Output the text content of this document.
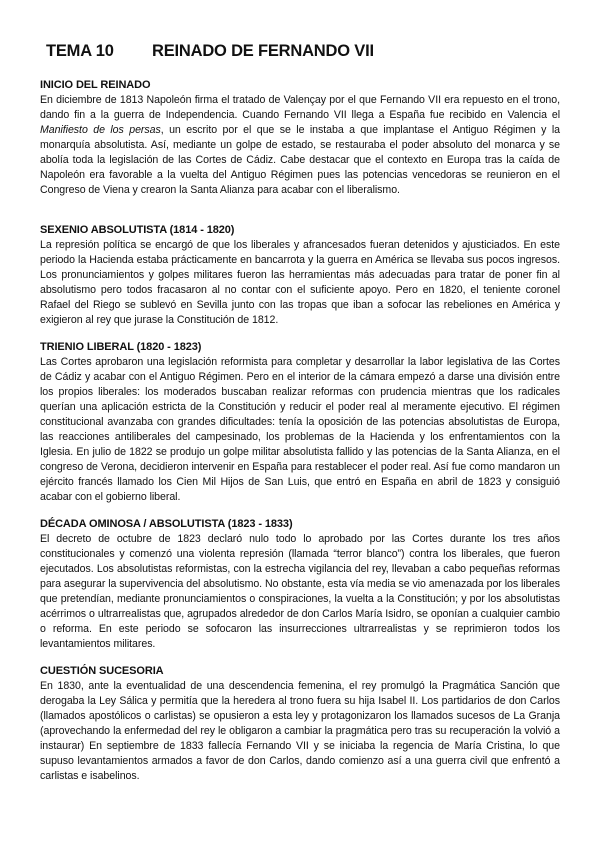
TEMA 10 REINADO DE FERNANDO VII
INICIO DEL REINADO

En diciembre de 1813 Napoleón firma el tratado de Valençay por el que Fernando VII era repuesto en el trono, dando fin a la guerra de Independencia. Cuando Fernando VII llega a España fue recibido en Valencia el Manifiesto de los persas, un escrito por el que se le instaba a que implantase el Antiguo Régimen y la monarquía absolutista. Así, mediante un golpe de estado, se restauraba el poder absoluto del monarca y se abolía toda la legislación de las Cortes de Cádiz. Cabe destacar que el contexto en Europa tras la caída de Napoleón era favorable a la vuelta del Antiguo Régimen pues las potencias vencedoras se reunieron en el Congreso de Viena y crearon la Santa Alianza para acabar con el liberalismo.

SEXENIO ABSOLUTISTA (1814 - 1820)

La represión política se encargó de que los liberales y afrancesados fueran detenidos y ajusticiados. En este periodo la Hacienda estaba prácticamente en bancarrota y la guerra en América se llevaba sus pocos ingresos. Los pronunciamientos y golpes militares fueron las herramientas más adecuadas para tratar de poner fin al absolutismo pero todos fracasaron al no contar con el suficiente apoyo. Pero en 1820, el teniente coronel Rafael del Riego se sublevó en Sevilla junto con las tropas que iban a sofocar las rebeliones en América y exigieron al rey que jurase la Constitución de 1812.

TRIENIO LIBERAL (1820 - 1823)

Las Cortes aprobaron una legislación reformista para completar y desarrollar la labor legislativa de las Cortes de Cádiz y acabar con el Antiguo Régimen. Pero en el interior de la cámara empezó a darse una división entre los propios liberales: los moderados buscaban realizar reformas con prudencia mientras que los radicales querían una aplicación estricta de la Constitución y reducir el poder real al meramente ejecutivo. El régimen constitucional avanzaba con grandes dificultades: tenía la oposición de las potencias absolutistas de Europa, las reacciones antiliberales del campesinado, los problemas de la Hacienda y los enfrentamientos con la Iglesia. En julio de 1822 se produjo un golpe militar absolutista fallido y las potencias de la Santa Alianza, en el congreso de Verona, decidieron intervenir en España para restablecer el poder real. Así fue como mandaron un ejército francés llamado los Cien Mil Hijos de San Luis, que entró en España en abril de 1823 y consiguió acabar con el gobierno liberal.

DÉCADA OMINOSA / ABSOLUTISTA (1823 - 1833)

El decreto de octubre de 1823 declaró nulo todo lo aprobado por las Cortes durante los tres años constitucionales y comenzó una violenta represión (llamada “terror blanco”) contra los liberales, que fueron ejecutados. Los absolutistas reformistas, con la estrecha vigilancia del rey, llevaban a cabo pequeñas reformas para asegurar la supervivencia del absolutismo. No obstante, esta vía media se vio amenazada por los liberales que pretendían, mediante pronunciamientos o conspiraciones, la vuelta a la Constitución; y por los absolutistas acérrimos o ultrarrealistas que, agrupados alrededor de don Carlos María Isidro, se oponían a cualquier cambio o reforma. En este periodo se sofocaron las insurrecciones ultrarrealistas y se reprimieron todos los levantamientos militares.

CUESTIÓN SUCESORIA

En 1830, ante la eventualidad de una descendencia femenina, el rey promulgó la Pragmática Sanción que derogaba la Ley Sálica y permitía que la heredera al trono fuera su hija Isabel II. Los partidarios de don Carlos (llamados apostólicos o carlistas) se opusieron a esta ley y protagonizaron los llamados sucesos de La Granja (aprovechando la enfermedad del rey le obligaron a cambiar la pragmática pero tras su recuperación la volvió a instaurar) En septiembre de 1833 fallecía Fernando VII y se iniciaba la regencia de María Cristina, lo que supuso levantamientos armados a favor de don Carlos, dando comienzo así a una guerra civil que enfrentó a carlistas e isabelinos.
